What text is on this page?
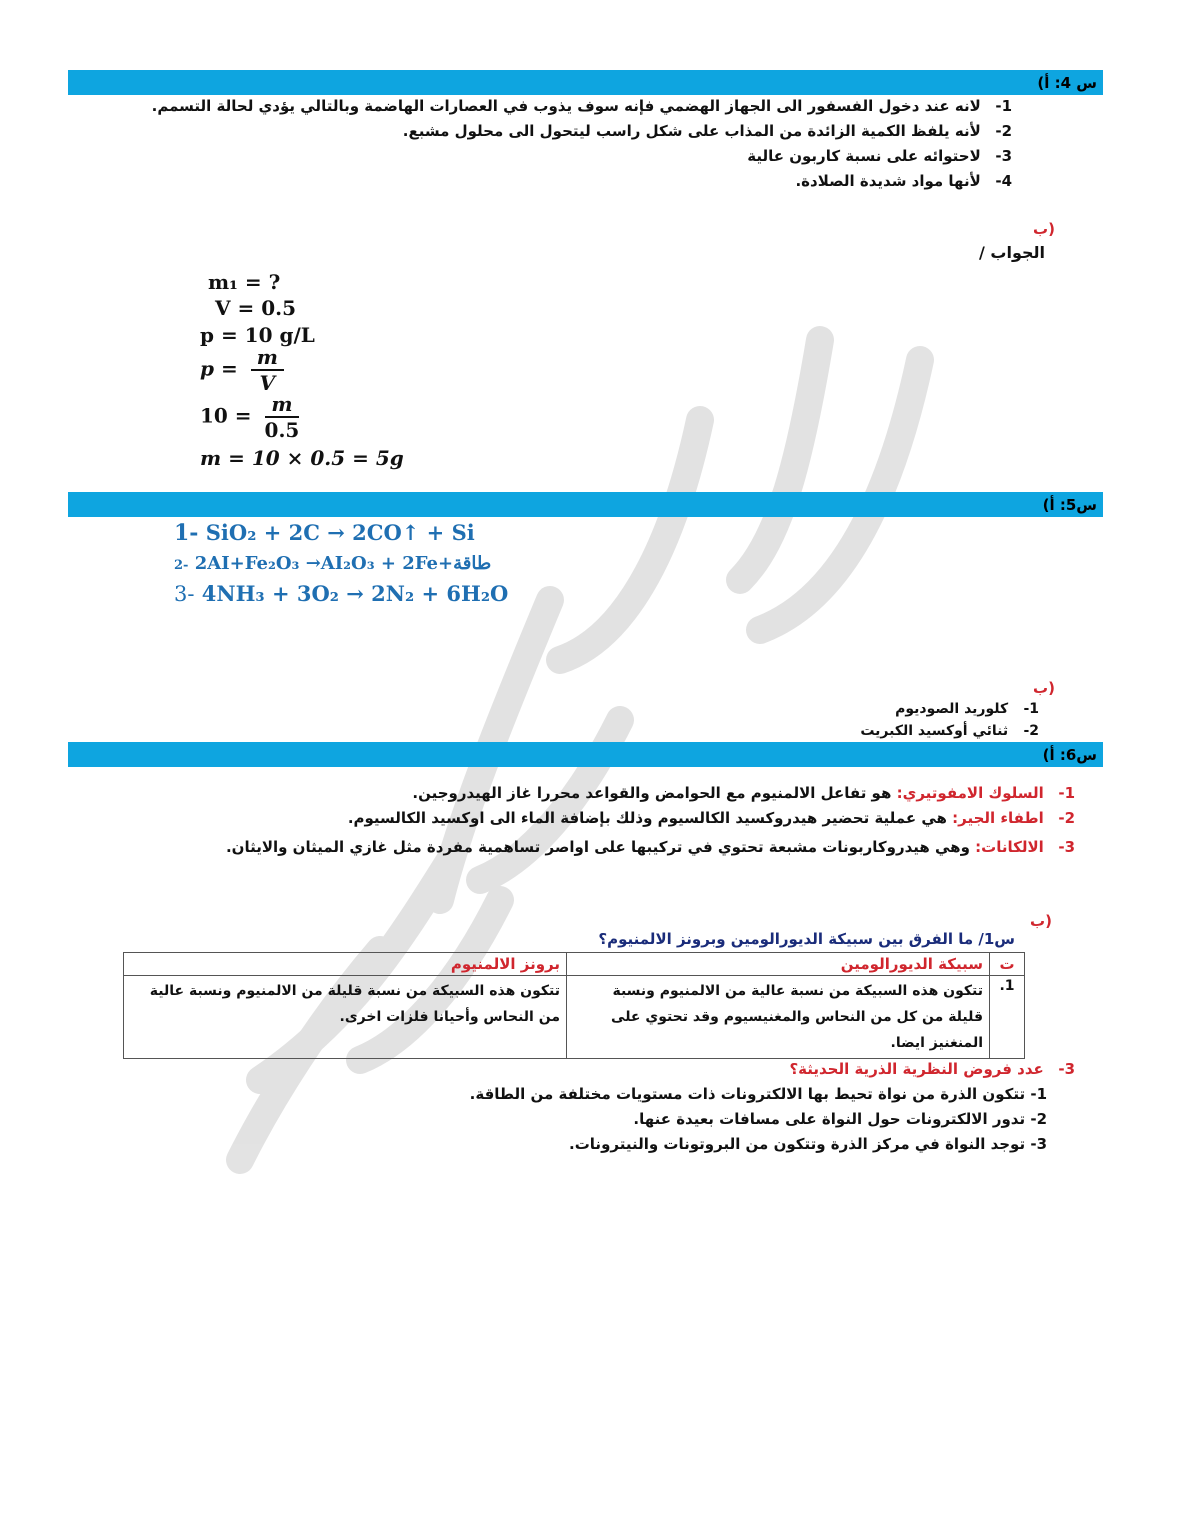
س 4: أ)
1- لانه عند دخول الفسفور الى الجهاز الهضمي فإنه سوف يذوب في العصارات الهاضمة وبالتالي يؤدي لحالة التسمم.
2- لأنه يلفظ الكمية الزائدة من المذاب على شكل راسب ليتحول الى محلول مشبع.
3- لاحتوائه على نسبة كاربون عالية
4- لأنها مواد شديدة الصلادة.
ب)
الجواب /
m₁ = ?
V = 0.5
p = 10 g/L
$p = \frac{m}{V}$
$10 = \frac{m}{0.5}$
m = 10 × 0.5 = 5g
س5: أ)
1- SiO₂ + 2C → 2CO↑ + Si
2- 2AI+Fe₂O₃ →AI₂O₃ + 2Fe+طاقة
3- 4NH₃ + 3O₂ → 2N₂ + 6H₂O
ب)
1- كلوريد الصوديوم
2- ثنائي أوكسيد الكبريت
س6: أ)
1- السلوك الامفوتيري: هو تفاعل الالمنيوم مع الحوامض والقواعد محررا غاز الهيدروجين.
2- اطفاء الجير: هي عملية تحضير هيدروكسيد الكالسيوم وذلك بإضافة الماء الى اوكسيد الكالسيوم.
3- الالكانات: وهي هيدروكاربونات مشبعة تحتوي في تركيبها على اواصر تساهمية مفردة مثل غازي الميثان والايثان.
ب)
س1/ ما الفرق بين سبيكة الديورالومين وبرونز الالمنيوم؟
ت	سبيكة الديورالومين	برونز الالمنيوم
1.	تتكون هذه السبيكة من نسبة عالية من الالمنيوم ونسبة قليلة من كل من النحاس والمغنيسيوم وقد تحتوي على المنغنيز ايضا.	تتكون هذه السبيكة من نسبة قليلة من الالمنيوم ونسبة عالية من النحاس وأحيانا فلزات اخرى.
3- عدد فروض النظرية الذرية الحديثة؟
1- تتكون الذرة من نواة تحيط بها الالكترونات ذات مستويات مختلفة من الطاقة.
2- تدور الالكترونات حول النواة على مسافات بعيدة عنها.
3- توجد النواة في مركز الذرة وتتكون من البروتونات والنيترونات.
